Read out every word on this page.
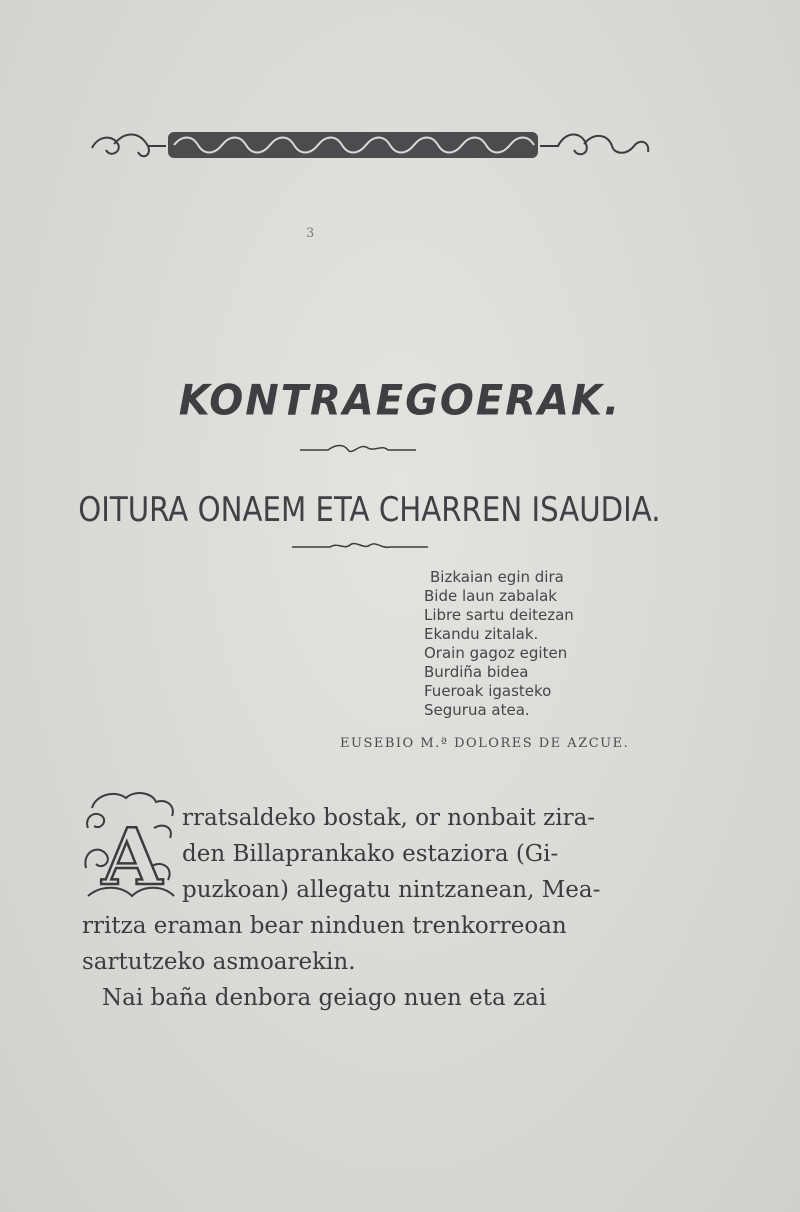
3
KONTRAEGOERAK.
OITURA ONAEM ETA CHARREN ISAUDIA.
Bizkaian egin dira
Bide laun zabalak
Libre sartu deitezan
Ekandu zitalak.
Orain gagoz egiten
Burdiña bidea
Fueroak igasteko
Segurua atea.
EUSEBIO M.ª DOLORES DE AZCUE.
A rratsaldeko bostak, or nonbait zira-
den Billaprankako estaziora (Gi-
puzkoan) allegatu nintzanean, Mea-
rritza eraman bear ninduen trenkorreoan
sartutzeko asmoarekin.
Nai baña denbora geiago nuen eta zai
